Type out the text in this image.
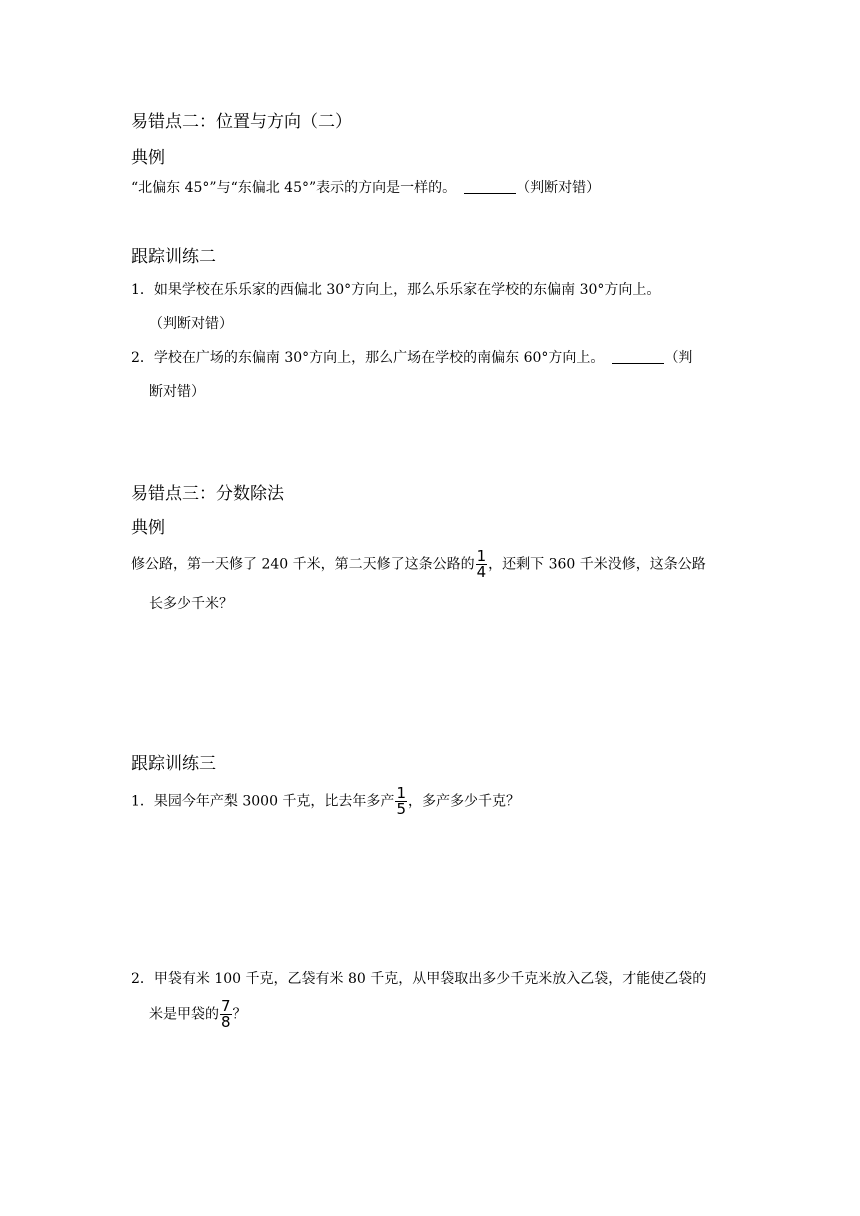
易错点二：位置与方向（二）
典例
“北偏东 45°”与“东偏北 45°”表示的方向是一样的。	（判断对错）
跟踪训练二
1．如果学校在乐乐家的西偏北 30°方向上，那么乐乐家在学校的东偏南 30°方向上。
（判断对错）
2．学校在广场的东偏南 30°方向上，那么广场在学校的南偏东 60°方向上。	（判
断对错）
易错点三：分数除法
典例
修公路，第一天修了 240 千米，第二天修了这条公路的 $\frac{1}{4}$ ，还剩下 360 千米没修，这条公路
长多少千米？
跟踪训练三
1．果园今年产梨 3000 千克，比去年多产 $\frac{1}{5}$ ，多产多少千克？
2．甲袋有米 100 千克，乙袋有米 80 千克，从甲袋取出多少千克米放入乙袋，才能使乙袋的
米是甲袋的 $\frac{7}{8}$ ？
